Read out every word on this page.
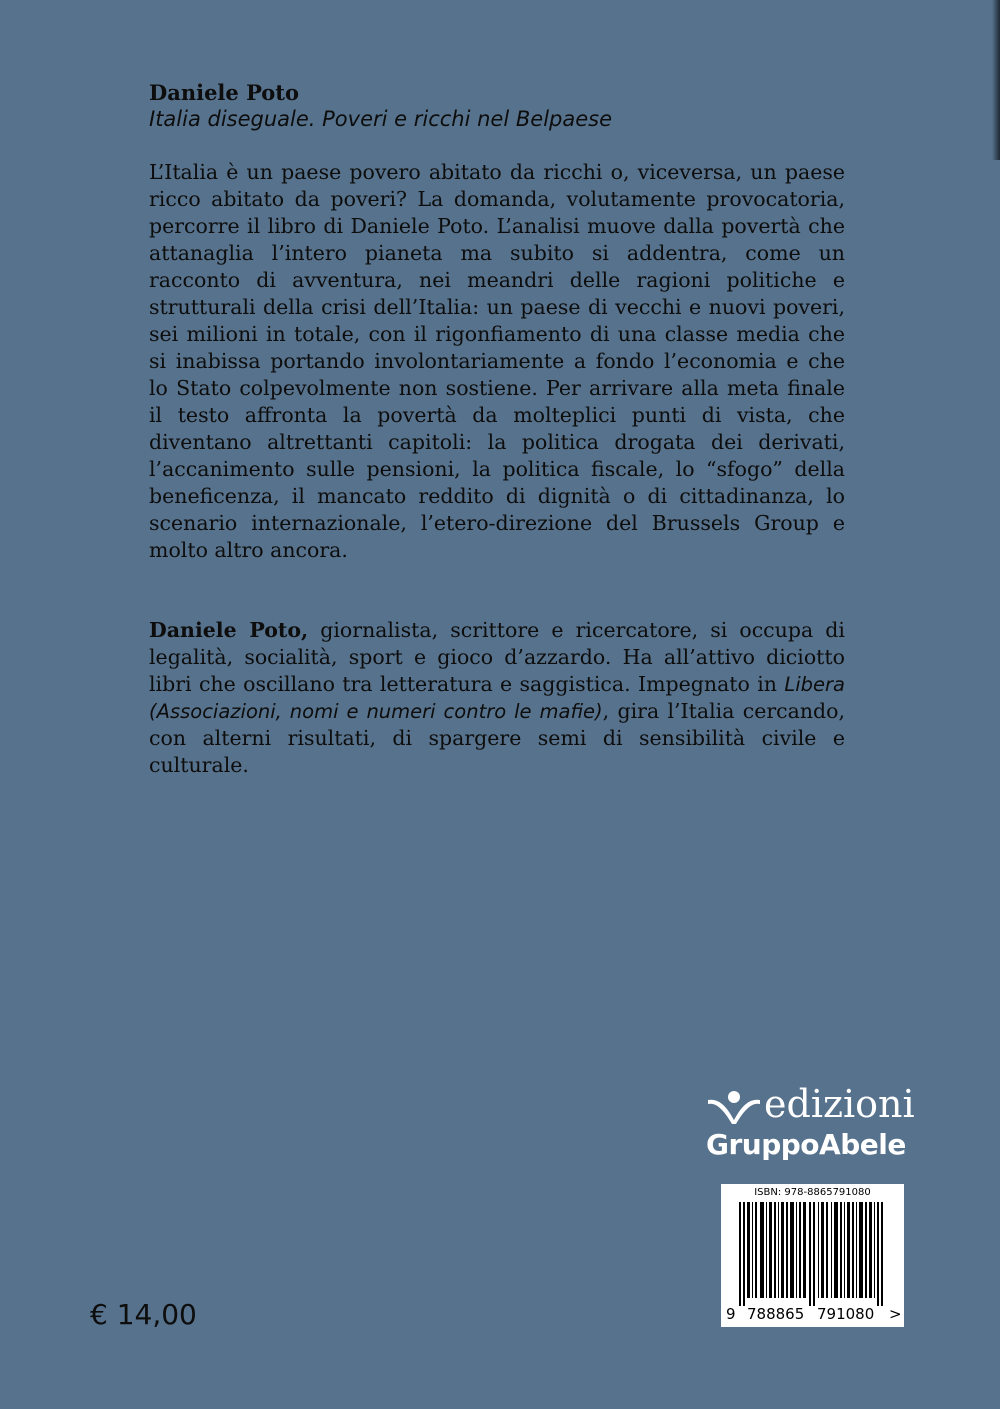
Daniele Poto
Italia diseguale. Poveri e ricchi nel Belpaese

L’Italia è un paese povero abitato da ricchi o, viceversa, un paese ricco abitato da poveri? La domanda, volutamente provocatoria, percorre il libro di Daniele Poto. L’analisi muove dalla povertà che attanaglia l’intero pianeta ma subito si addentra, come un racconto di avventura, nei meandri delle ragioni politiche e strutturali della crisi dell’Italia: un paese di vecchi e nuovi poveri, sei milioni in totale, con il rigonfiamento di una classe media che si inabissa portando involontariamente a fondo l’economia e che lo Stato colpevolmente non sostiene. Per arrivare alla meta finale il testo affronta la povertà da molteplici punti di vista, che diventano altrettanti capitoli: la politica drogata dei derivati, l’accanimento sulle pensioni, la politica fiscale, lo “sfogo” della beneficenza, il mancato reddito di dignità o di cittadinanza, lo scenario internazionale, l’etero-direzione del Brussels Group e molto altro ancora.

Daniele Poto, giornalista, scrittore e ricercatore, si occupa di legalità, socialità, sport e gioco d’azzardo. Ha all’attivo diciotto libri che oscillano tra letteratura e saggistica. Impegnato in Libera (Associazioni, nomi e numeri contro le mafie), gira l’Italia cercando, con alterni risultati, di spargere semi di sensibilità civile e culturale.

edizioni
GruppoAbele
ISBN: 978-8865791080
9 788865 791080 >
€ 14,00
